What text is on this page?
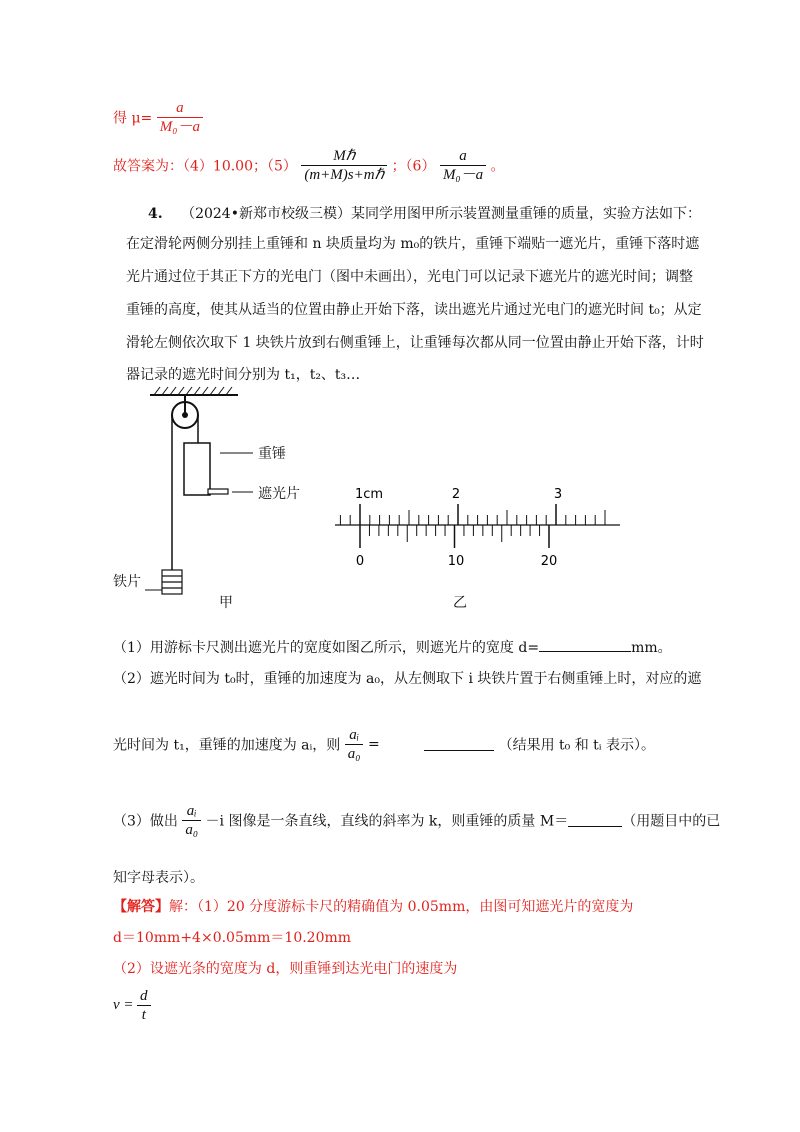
得 $\mu= \frac{a}{\text{M₀－a}}$
故答案为：（4）10.00；$(5) \frac{\text{Mℏ}}{\text{(m+M)s+mℏ}}$ ；$(6) \frac{a}{\text{M₀－a}}$ 。
4. （2024•新郑市校级三模）某同学用图甲所示装置测量重锤的质量，实验方法如下：
在定滑轮两侧分别挂上重锤和 n 块质量均为 m₀的铁片，重锤下端贴一遮光片，重锤下落时遮
光片通过位于其正下方的光电门（图中未画出），光电门可以记录下遮光片的遮光时间；调整
重锤的高度，使其从适当的位置由静止开始下落，读出遮光片通过光电门的遮光时间 t₀；从定
滑轮左侧依次取下 1 块铁片放到右侧重锤上，让重锤每次都从同一位置由静止开始下落，计时
器记录的遮光时间分别为 t₁，t₂、t₃…
重锤
遮光片
铁片
甲
1cm	2	3
0	10	20
乙
（1）用游标卡尺测出遮光片的宽度如图乙所示，则遮光片的宽度 d=	mm。
（2）遮光时间为 t₀时，重锤的加速度为 a₀，从左侧取下 i 块铁片置于右侧重锤上时，对应的遮
光时间为 t₁，重锤的加速度为 aᵢ，则 $\frac{\text{aᵢ}}{\text{a₀}}$ =	（结果用 t₀ 和 tᵢ 表示）。
（3）做出 $\frac{\text{aᵢ}}{\text{a₀}} -i$ 图像是一条直线，直线的斜率为 k，则重锤的质量 M＝	（用题目中的已
知字母表示）。
【解答】解：（1）20 分度游标卡尺的精确值为 0.05mm，由图可知遮光片的宽度为
d＝10mm+4×0.05mm＝10.20mm
（2）设遮光条的宽度为 d，则重锤到达光电门的速度为
$v = \frac{d}{t}$
